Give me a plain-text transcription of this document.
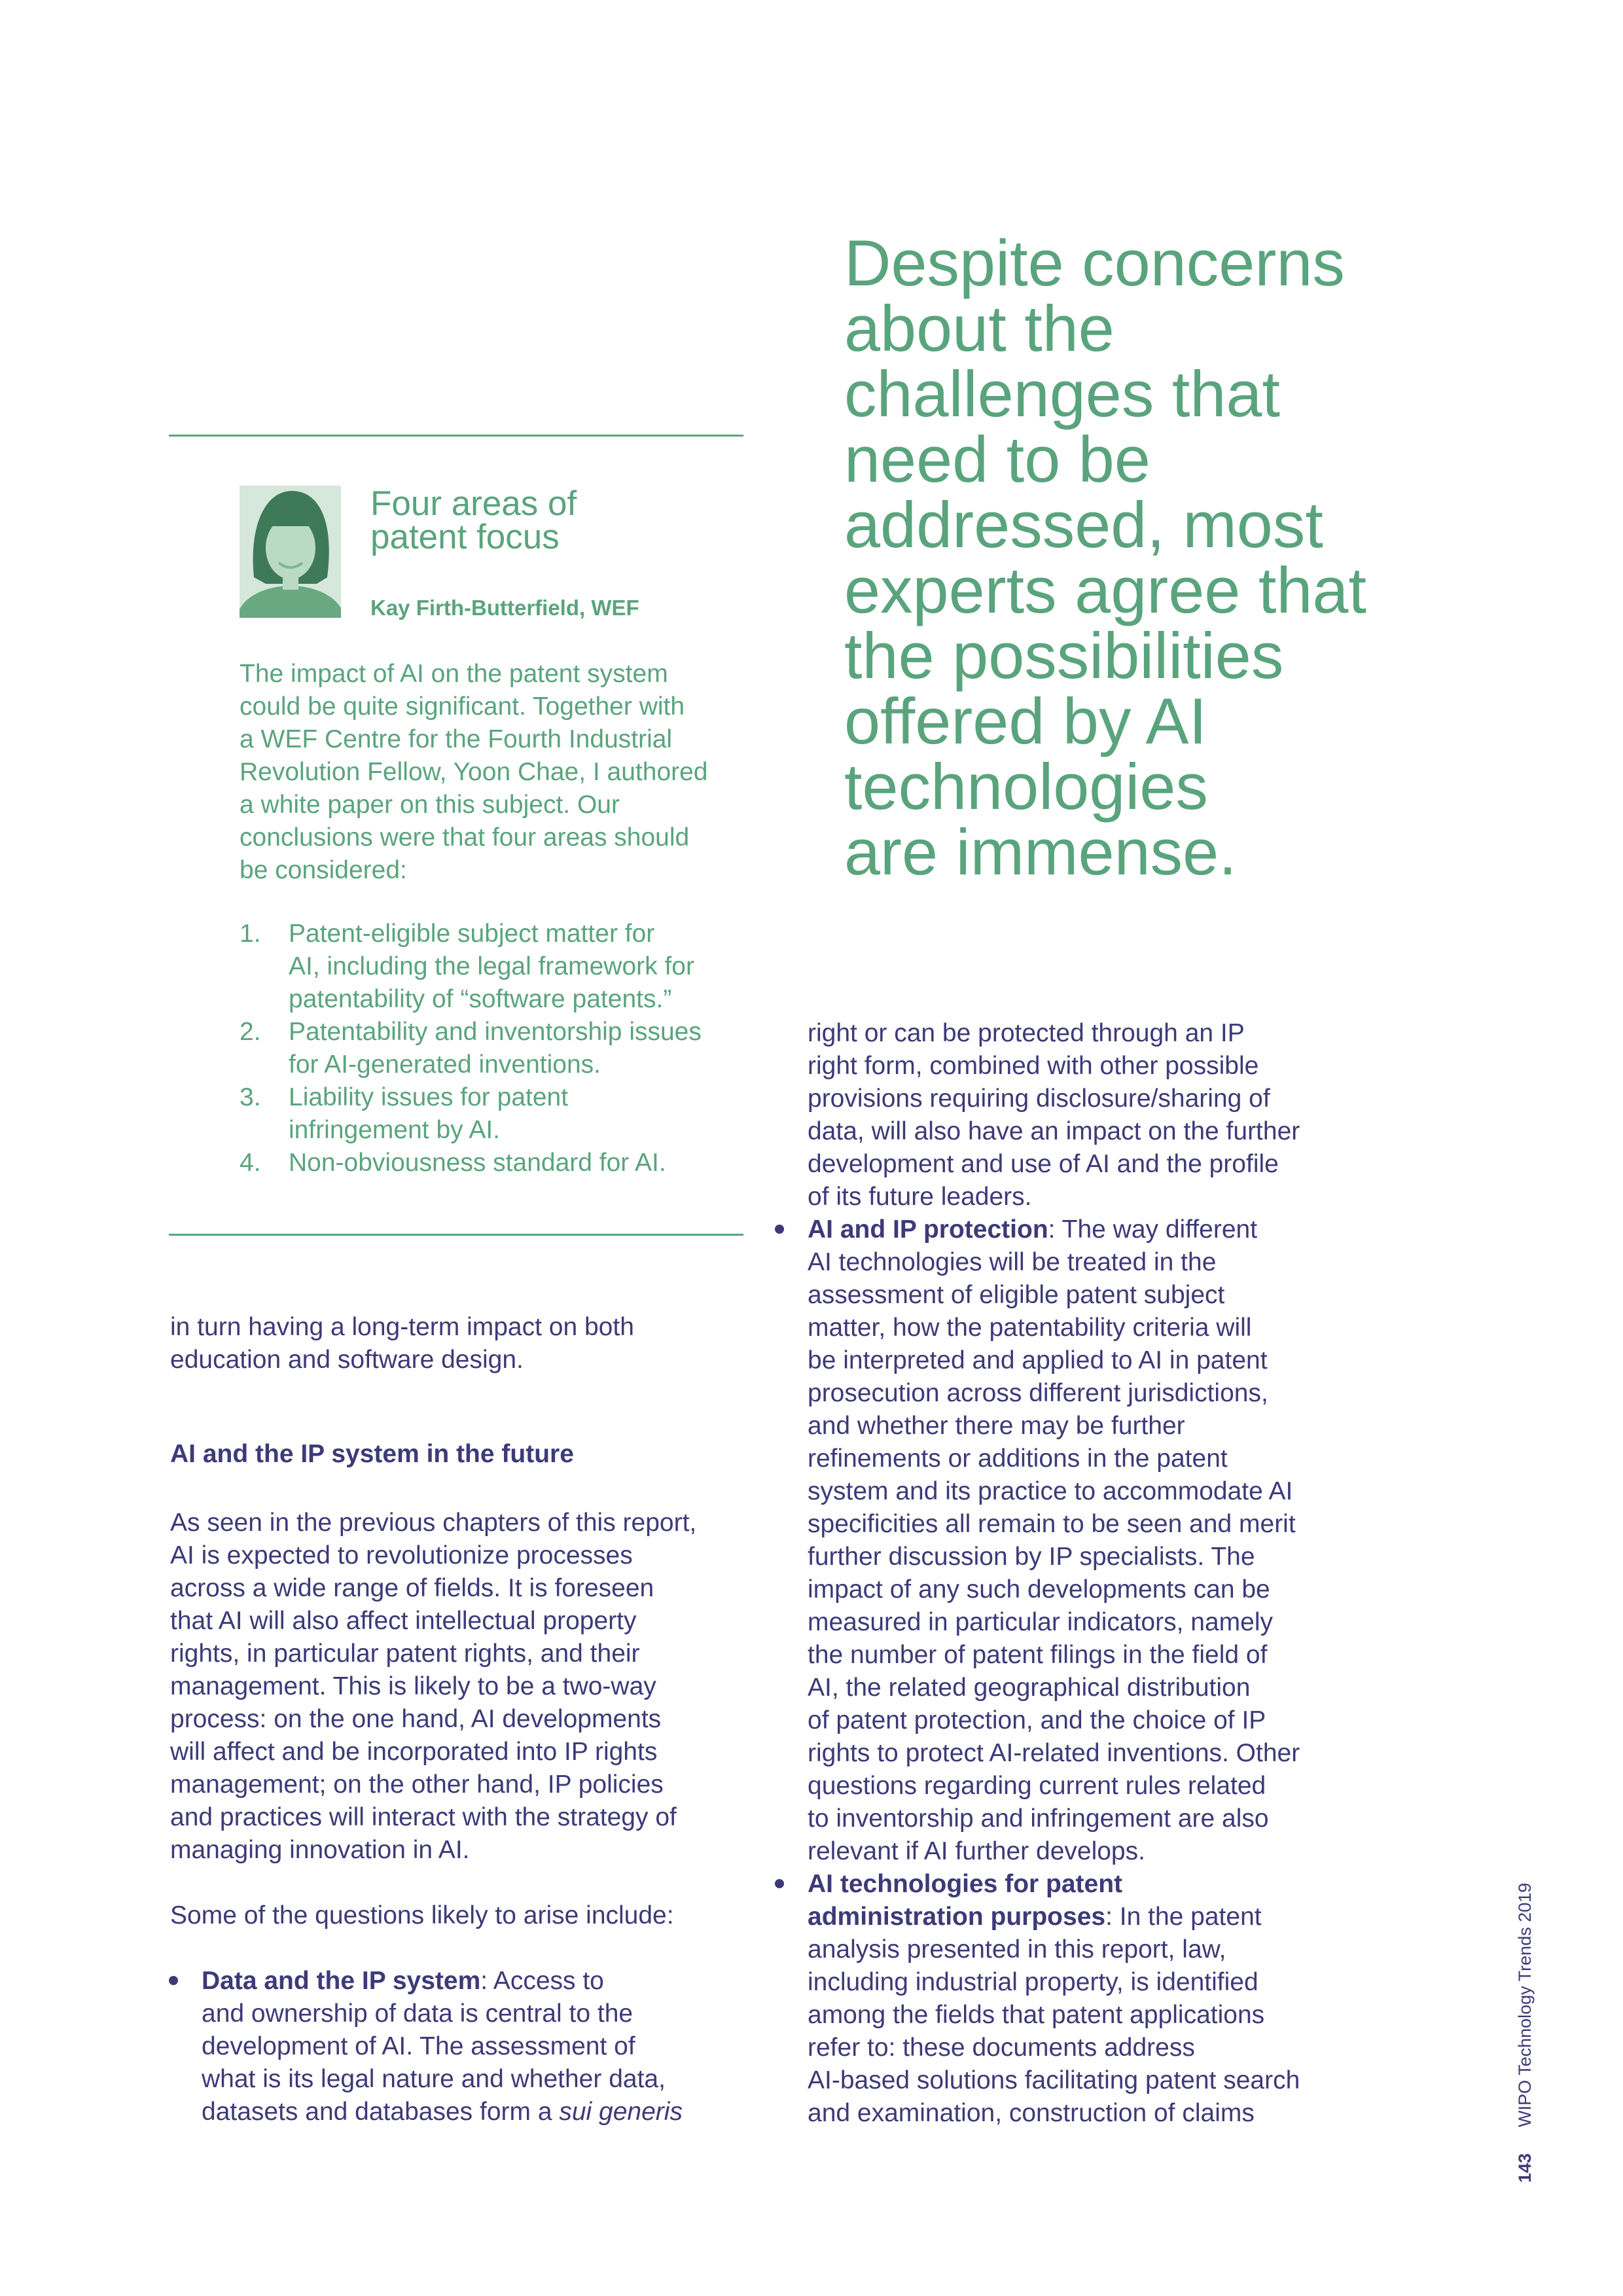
Despite concerns
about the
challenges that
need to be
addressed, most
experts agree that
the possibilities
offered by AI
technologies
are immense.
Four areas of
patent focus
Kay Firth-Butterfield, WEF

The impact of AI on the patent system
could be quite significant. Together with
a WEF Centre for the Fourth Industrial
Revolution Fellow, Yoon Chae, I authored
a white paper on this subject. Our
conclusions were that four areas should
be considered:

1.	Patent-eligible subject matter for
AI, including the legal framework for
patentability of “software patents.”
2.	Patentability and inventorship issues
for AI-generated inventions.
3.	Liability issues for patent
infringement by AI.
4.	Non-obviousness standard for AI.

in turn having a long-term impact on both
education and software design.

AI and the IP system in the future

As seen in the previous chapters of this report,
AI is expected to revolutionize processes
across a wide range of fields. It is foreseen
that AI will also affect intellectual property
rights, in particular patent rights, and their
management. This is likely to be a two-way
process: on the one hand, AI developments
will affect and be incorporated into IP rights
management; on the other hand, IP policies
and practices will interact with the strategy of
managing innovation in AI.

Some of the questions likely to arise include:

Data and the IP system: Access to
and ownership of data is central to the
development of AI. The assessment of
what is its legal nature and whether data,
datasets and databases form a sui generis

right or can be protected through an IP
right form, combined with other possible
provisions requiring disclosure/sharing of
data, will also have an impact on the further
development and use of AI and the profile
of its future leaders.

AI and IP protection: The way different
AI technologies will be treated in the
assessment of eligible patent subject
matter, how the patentability criteria will
be interpreted and applied to AI in patent
prosecution across different jurisdictions,
and whether there may be further
refinements or additions in the patent
system and its practice to accommodate AI
specificities all remain to be seen and merit
further discussion by IP specialists. The
impact of any such developments can be
measured in particular indicators, namely
the number of patent filings in the field of
AI, the related geographical distribution
of patent protection, and the choice of IP
rights to protect AI-related inventions. Other
questions regarding current rules related
to inventorship and infringement are also
relevant if AI further develops.
AI technologies for patent
administration purposes: In the patent
analysis presented in this report, law,
including industrial property, is identified
among the fields that patent applications
refer to: these documents address
AI-based solutions facilitating patent search
and examination, construction of claims
143WIPO Technology Trends 2019
